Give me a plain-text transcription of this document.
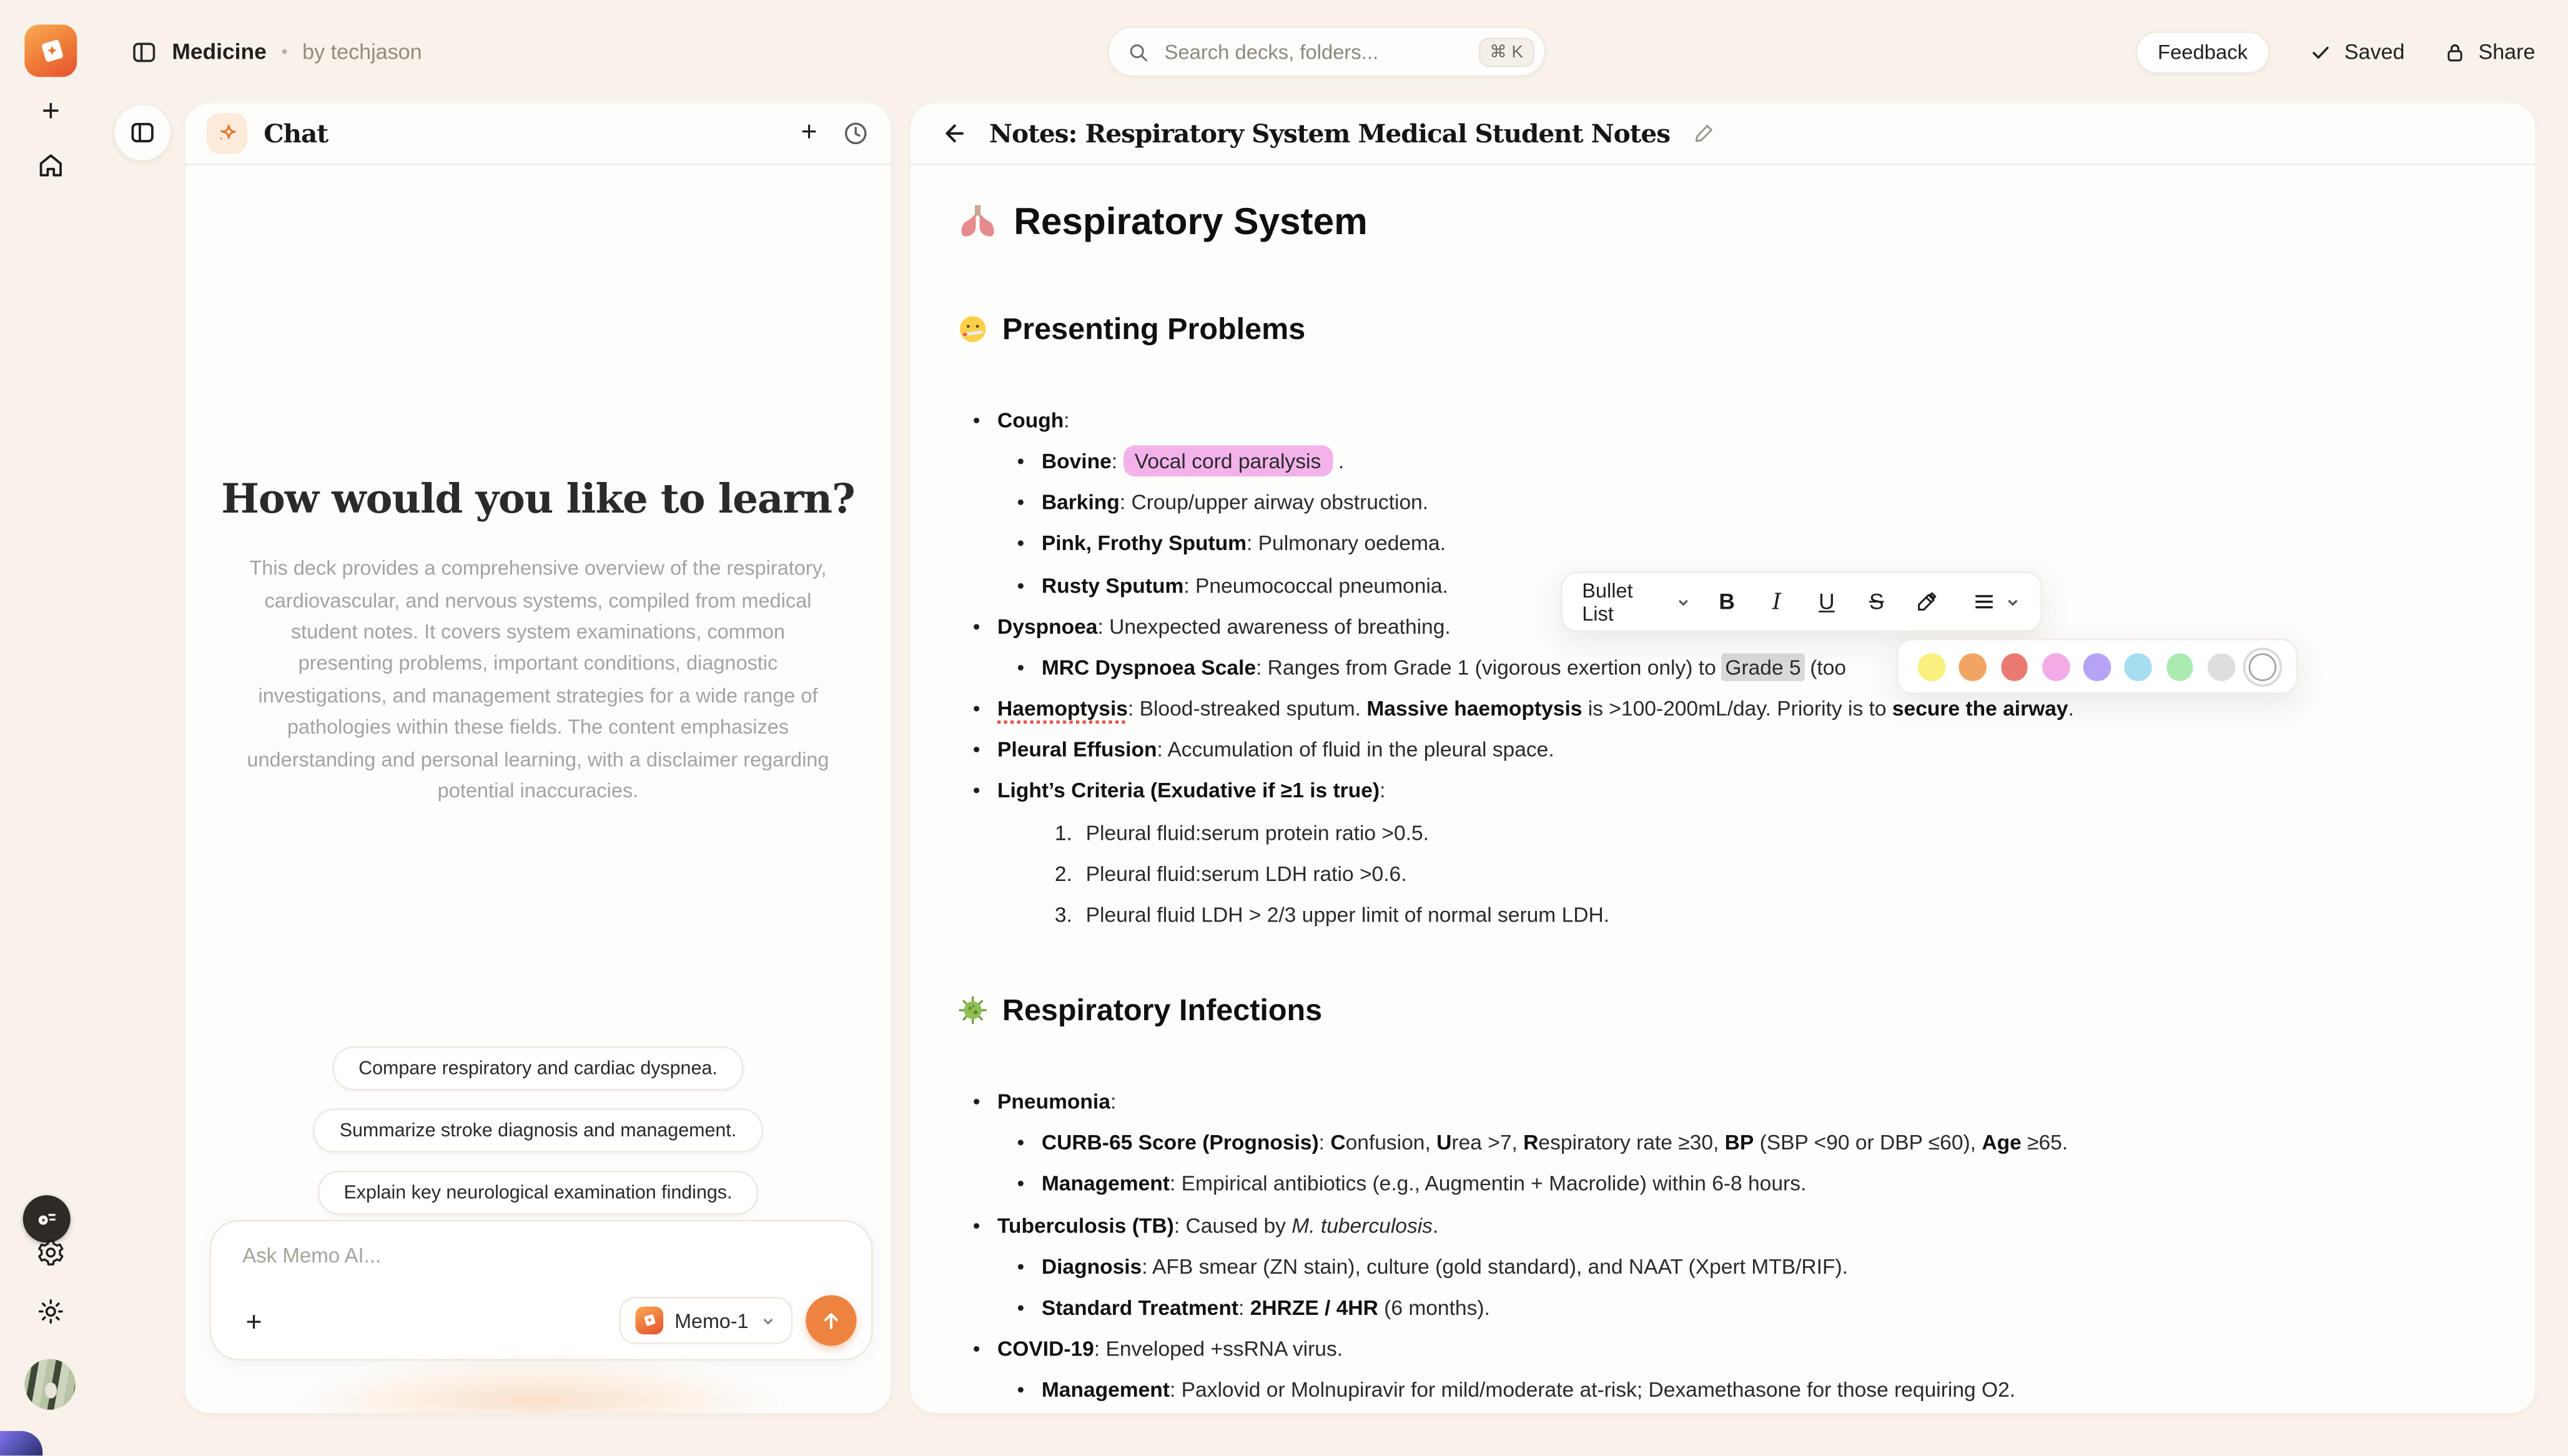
+
Medicine • by techjason
Search decks, folders...	⌘ K	Feedback	Saved	Share
Chat	+
How would you like to learn?
This deck provides a comprehensive overview of the respiratory, cardiovascular, and nervous systems, compiled from medical student notes. It covers system examinations, common presenting problems, important conditions, diagnostic investigations, and management strategies for a wide range of pathologies within these fields. The content emphasizes understanding and personal learning, with a disclaimer regarding potential inaccuracies.
Compare respiratory and cardiac dyspnea.
Summarize stroke diagnosis and management.
Explain key neurological examination findings.
Ask Memo AI...
+	Memo-1
Notes: Respiratory System Medical Student Notes
Respiratory System
Presenting Problems
• Cough:
• Bovine: Vocal cord paralysis .
• Barking: Croup/upper airway obstruction.
• Pink, Frothy Sputum: Pulmonary oedema.
• Rusty Sputum: Pneumococcal pneumonia.
• Dyspnoea: Unexpected awareness of breathing.
• MRC Dyspnoea Scale: Ranges from Grade 1 (vigorous exertion only) to Grade 5 (too
• Haemoptysis: Blood-streaked sputum. Massive haemoptysis is >100-200mL/day. Priority is to secure the airway.
• Pleural Effusion: Accumulation of fluid in the pleural space.
• Light’s Criteria (Exudative if ≥1 is true):
1. Pleural fluid:serum protein ratio >0.5.
2. Pleural fluid:serum LDH ratio >0.6.
3. Pleural fluid LDH > 2/3 upper limit of normal serum LDH.
Respiratory Infections
• Pneumonia:
• CURB-65 Score (Prognosis): Confusion, Urea >7, Respiratory rate ≥30, BP (SBP <90 or DBP ≤60), Age ≥65.
• Management: Empirical antibiotics (e.g., Augmentin + Macrolide) within 6-8 hours.
• Tuberculosis (TB): Caused by M. tuberculosis.
• Diagnosis: AFB smear (ZN stain), culture (gold standard), and NAAT (Xpert MTB/RIF).
• Standard Treatment: 2HRZE / 4HR (6 months).
• COVID-19: Enveloped +ssRNA virus.
• Management: Paxlovid or Molnupiravir for mild/moderate at-risk; Dexamethasone for those requiring O2.
Bullet List	B	I	U	S
